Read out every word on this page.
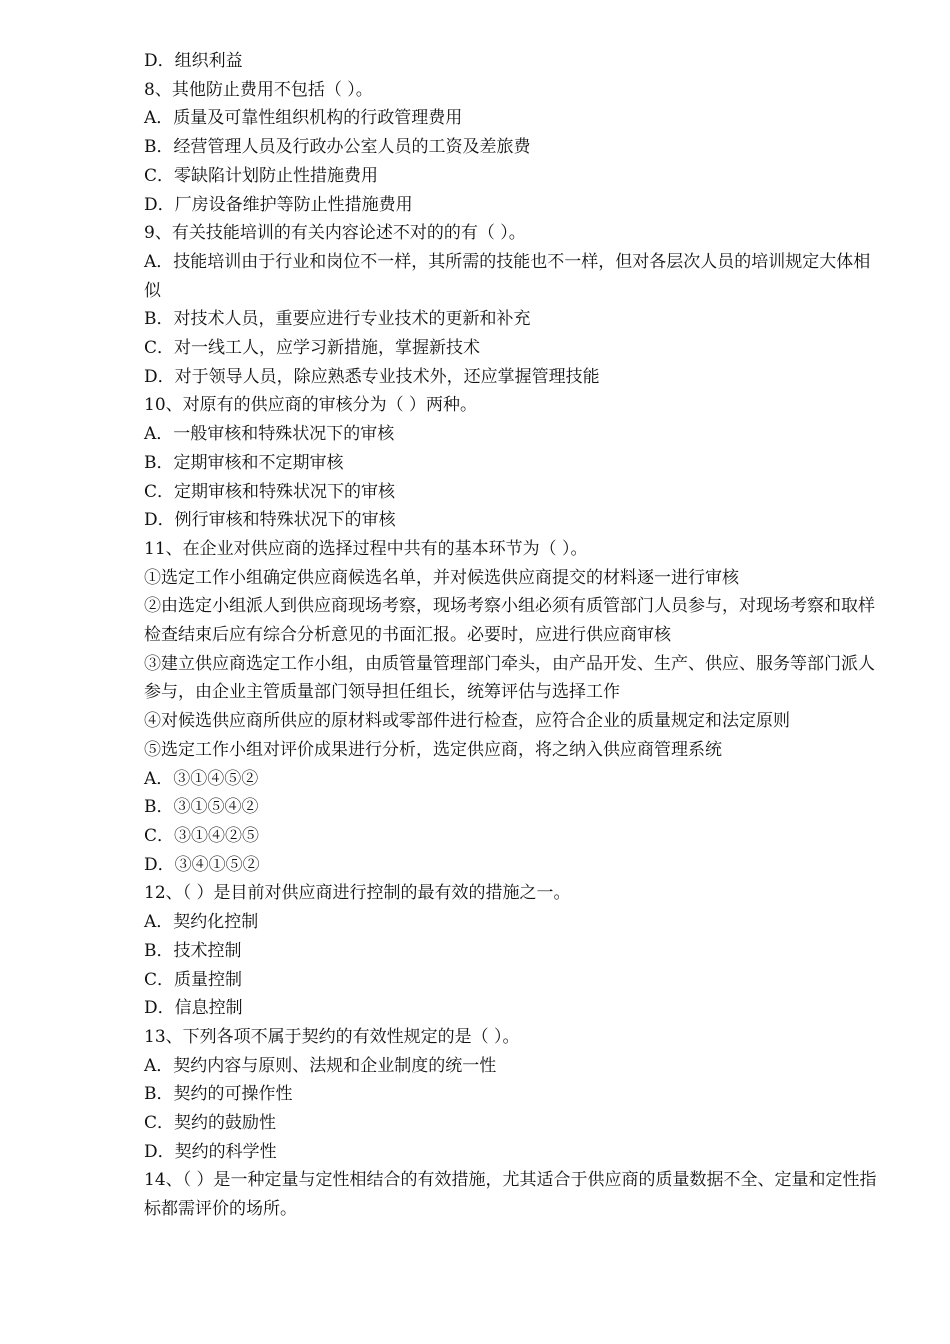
D．组织利益
8、其他防止费用不包括（ ）。
A．质量及可靠性组织机构的行政管理费用
B．经营管理人员及行政办公室人员的工资及差旅费
C．零缺陷计划防止性措施费用
D．厂房设备维护等防止性措施费用
9、有关技能培训的有关内容论述不对的的有（ ）。
A．技能培训由于行业和岗位不一样，其所需的技能也不一样，但对各层次人员的培训规定大体相似
B．对技术人员，重要应进行专业技术的更新和补充
C．对一线工人，应学习新措施，掌握新技术
D．对于领导人员，除应熟悉专业技术外，还应掌握管理技能
10、对原有的供应商的审核分为（ ）两种。
A．一般审核和特殊状况下的审核
B．定期审核和不定期审核
C．定期审核和特殊状况下的审核
D．例行审核和特殊状况下的审核
11、在企业对供应商的选择过程中共有的基本环节为（ ）。
①选定工作小组确定供应商候选名单，并对候选供应商提交的材料逐一进行审核
②由选定小组派人到供应商现场考察，现场考察小组必须有质管部门人员参与，对现场考察和取样检查结束后应有综合分析意见的书面汇报。必要时，应进行供应商审核
③建立供应商选定工作小组，由质管量管理部门牵头，由产品开发、生产、供应、服务等部门派人参与，由企业主管质量部门领导担任组长，统筹评估与选择工作
④对候选供应商所供应的原材料或零部件进行检查，应符合企业的质量规定和法定原则
⑤选定工作小组对评价成果进行分析，选定供应商，将之纳入供应商管理系统
A．③①④⑤②
B．③①⑤④②
C．③①④②⑤
D．③④①⑤②
12、（ ）是目前对供应商进行控制的最有效的措施之一。
A．契约化控制
B．技术控制
C．质量控制
D．信息控制
13、下列各项不属于契约的有效性规定的是（ ）。
A．契约内容与原则、法规和企业制度的统一性
B．契约的可操作性
C．契约的鼓励性
D．契约的科学性
14、（ ）是一种定量与定性相结合的有效措施，尤其适合于供应商的质量数据不全、定量和定性指标都需评价的场所。
